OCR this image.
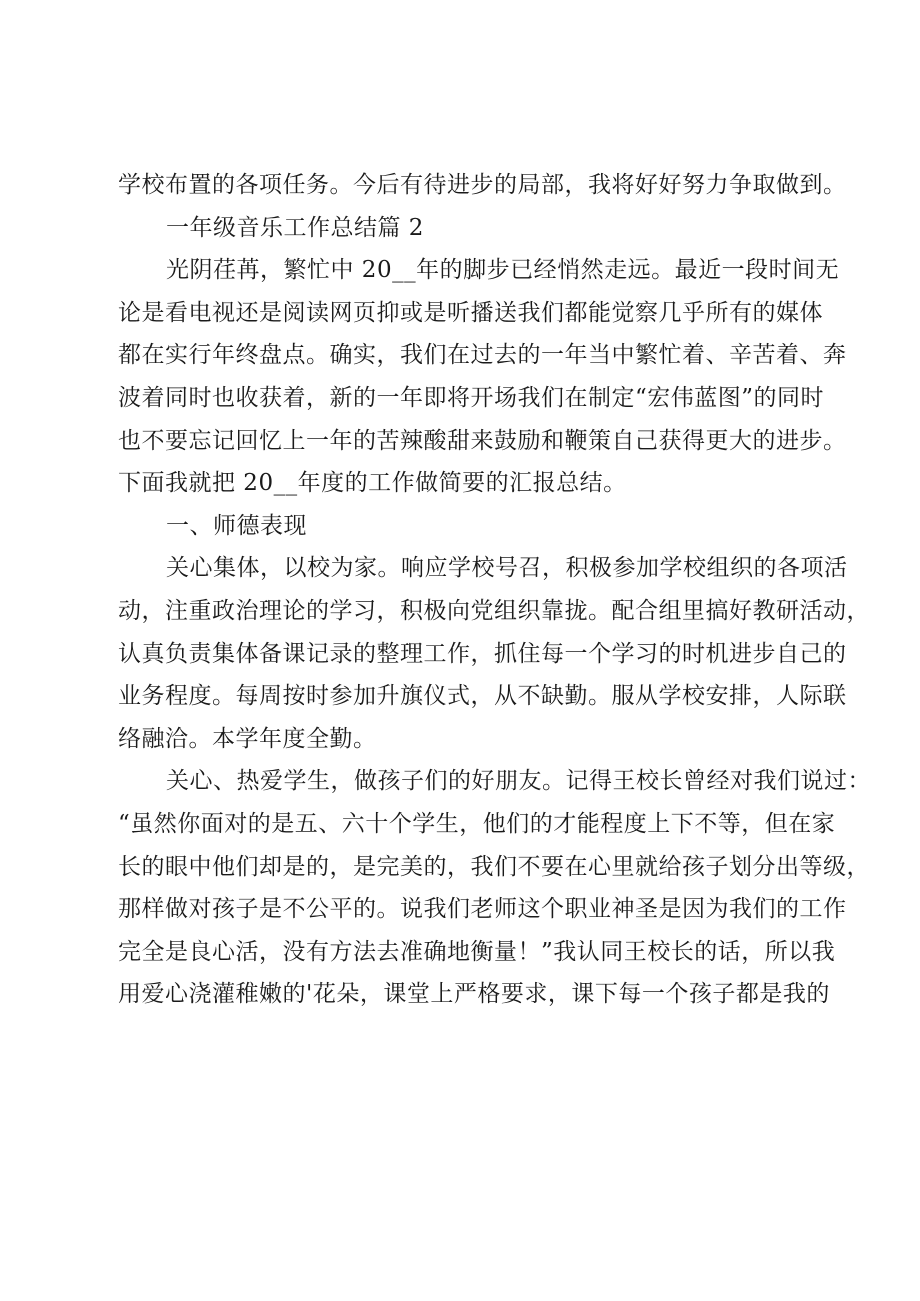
学校布置的各项任务。今后有待进步的局部，我将好好努力争取做到。

一年级音乐工作总结篇 2

光阴荏苒，繁忙中 20__年的脚步已经悄然走远。最近一段时间无
论是看电视还是阅读网页抑或是听播送我们都能觉察几乎所有的媒体
都在实行年终盘点。确实，我们在过去的一年当中繁忙着、辛苦着、奔
波着同时也收获着，新的一年即将开场我们在制定“宏伟蓝图”的同时
也不要忘记回忆上一年的苦辣酸甜来鼓励和鞭策自己获得更大的进步。
下面我就把 20__年度的工作做简要的汇报总结。

一、师德表现

关心集体，以校为家。响应学校号召，积极参加学校组织的各项活
动，注重政治理论的学习，积极向党组织靠拢。配合组里搞好教研活动，
认真负责集体备课记录的整理工作，抓住每一个学习的时机进步自己的
业务程度。每周按时参加升旗仪式，从不缺勤。服从学校安排，人际联
络融洽。本学年度全勤。

关心、热爱学生，做孩子们的好朋友。记得王校长曾经对我们说过：
“虽然你面对的是五、六十个学生，他们的才能程度上下不等，但在家
长的眼中他们却是的，是完美的，我们不要在心里就给孩子划分出等级，
那样做对孩子是不公平的。说我们老师这个职业神圣是因为我们的工作
完全是良心活，没有方法去准确地衡量！”我认同王校长的话，所以我
用爱心浇灌稚嫩的'花朵，课堂上严格要求，课下每一个孩子都是我的
